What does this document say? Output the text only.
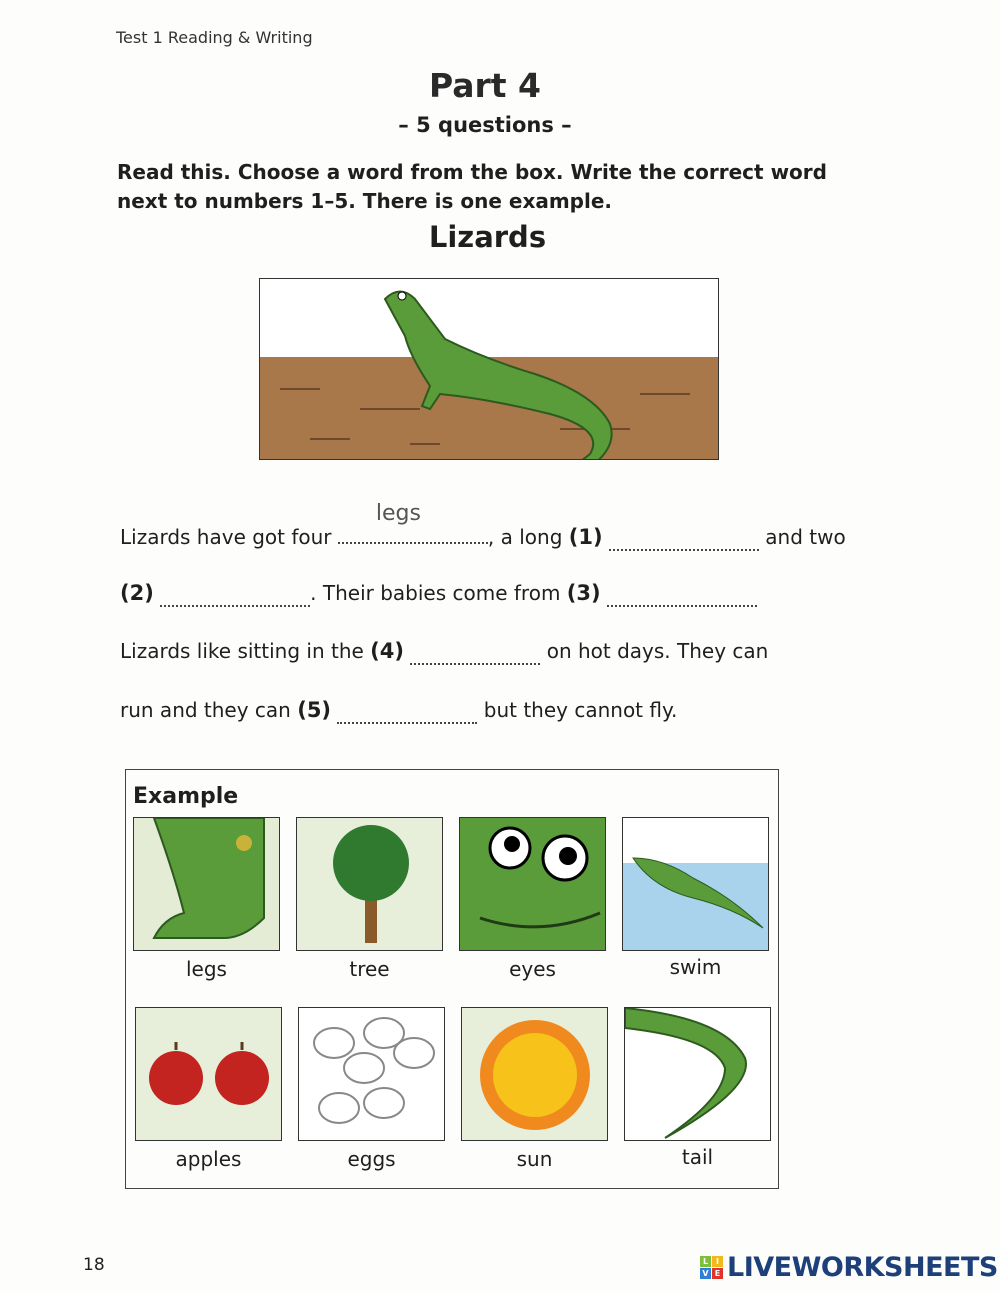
Test 1 Reading & Writing
Part 4
– 5 questions –
Read this. Choose a word from the box. Write the correct word next to numbers 1–5. There is one example.
Lizards
Lizards have got four
legs
, a long (1)	and two
(2)	. Their babies come from (3)
Lizards like sitting in the (4)	on hot days. They can
run and they can (5)	but they cannot fly.
Example
legs	tree	eyes	swim
apples	eggs	sun	tail
18	L I
V E LIVEWORKSHEETS
